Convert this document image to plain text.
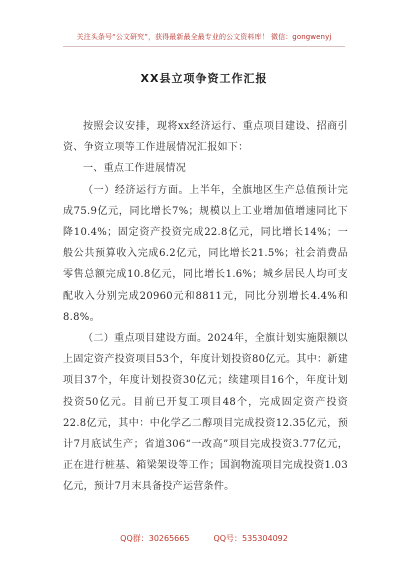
关注头条号“公文研究”，获得最新最全最专业的公文资料库！ 微信：gongwenyj
XX县立项争资工作汇报

按照会议安排，现将xx经济运行、重点项目建设、招商引资、争资立项等工作进展情况汇报如下：

一、重点工作进展情况

（一）经济运行方面。上半年，全旗地区生产总值预计完成75.9亿元，同比增长7%；规模以上工业增加值增速同比下降10.4%；固定资产投资完成22.8亿元，同比增长14%；一般公共预算收入完成6.2亿元，同比增长21.5%；社会消费品零售总额完成10.8亿元，同比增长1.6%；城乡居民人均可支配收入分别完成20960元和8811元，同比分别增长4.4%和8.8%。

（二）重点项目建设方面。2024年，全旗计划实施限额以上固定资产投资项目53个，年度计划投资80亿元。其中：新建项目37个，年度计划投资30亿元；续建项目16个，年度计划投资50亿元。目前已开复工项目48个，完成固定资产投资22.8亿元，其中：中化学乙二醇项目完成投资12.35亿元，预计7月底试生产；省道306“一改高”项目完成投资3.77亿元，正在进行桩基、箱梁架设等工作；国润物流项目完成投资1.03亿元，预计7月末具备投产运营条件。

QQ群：30265665	QQ号：535304092
